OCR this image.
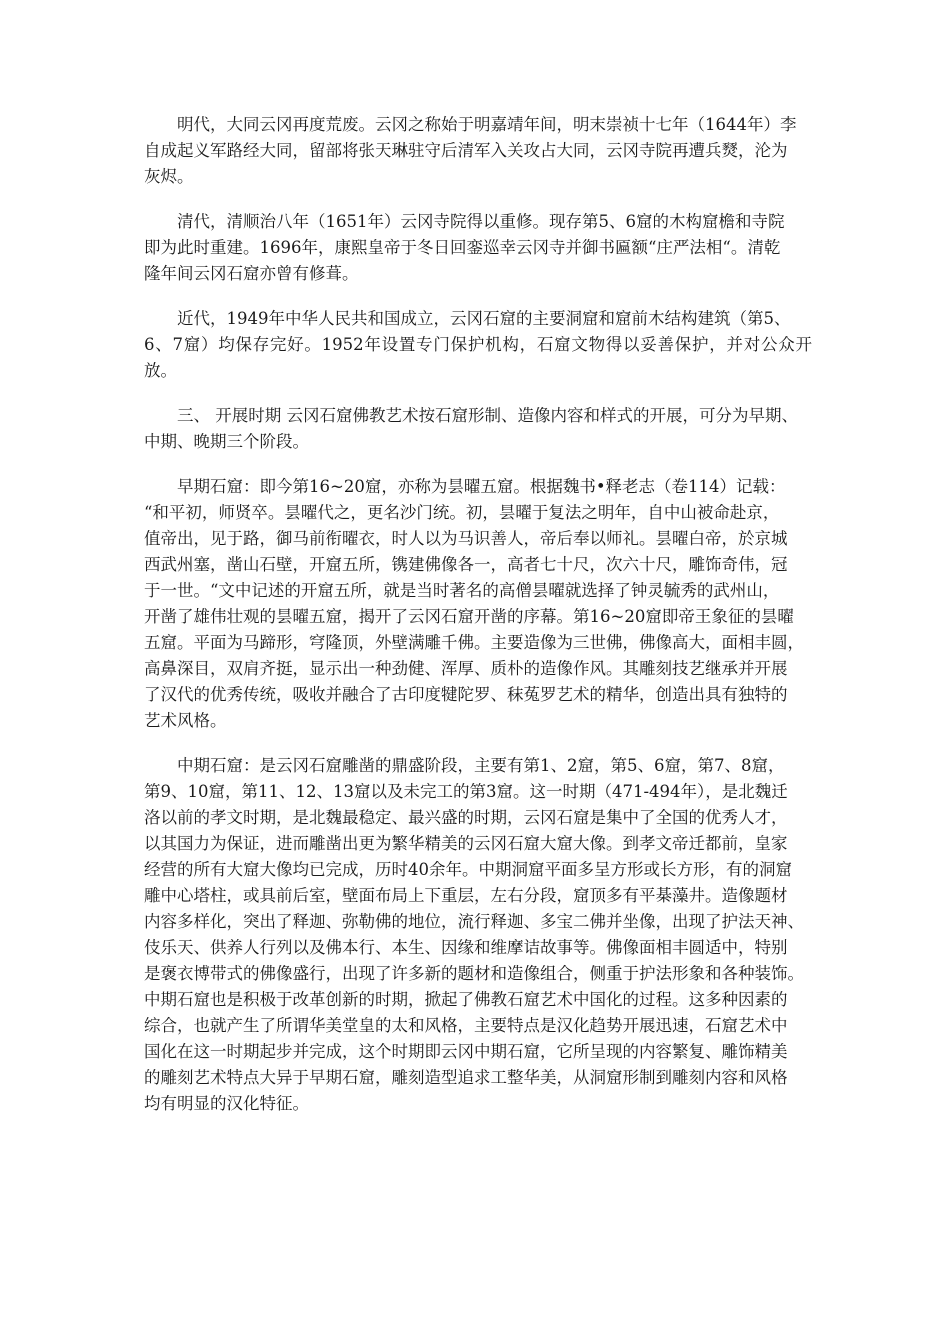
　　明代，大同云冈再度荒废。云冈之称始于明嘉靖年间，明末崇祯十七年（1644年）李
自成起义军路经大同，留部将张天琳驻守后清军入关攻占大同，云冈寺院再遭兵燹，沦为
灰烬。

　　清代，清顺治八年（1651年）云冈寺院得以重修。现存第5、6窟的木构窟檐和寺院
即为此时重建。1696年，康熙皇帝于冬日回銮巡幸云冈寺并御书匾额“庄严法相“。清乾
隆年间云冈石窟亦曾有修葺。

　　近代，1949年中华人民共和国成立，云冈石窟的主要洞窟和窟前木结构建筑（第5、
6、7窟）均保存完好。1952年设置专门保护机构，石窟文物得以妥善保护，并对公众开放。

　　三、 开展时期 云冈石窟佛教艺术按石窟形制、造像内容和样式的开展，可分为早期、
中期、晚期三个阶段。

　　早期石窟：即今第16~20窟，亦称为昙曜五窟。根据魏书•释老志（卷114）记载：
“和平初，师贤卒。昙曜代之，更名沙门统。初，昙曜于复法之明年，自中山被命赴京，
值帝出，见于路，御马前衔曜衣，时人以为马识善人，帝后奉以师礼。昙曜白帝，於京城
西武州塞，凿山石壁，开窟五所，镌建佛像各一，高者七十尺，次六十尺，雕饰奇伟，冠
于一世。“文中记述的开窟五所，就是当时著名的高僧昙曜就选择了钟灵毓秀的武州山，
开凿了雄伟壮观的昙曜五窟，揭开了云冈石窟开凿的序幕。第16~20窟即帝王象征的昙曜
五窟。平面为马蹄形，穹隆顶，外壁满雕千佛。主要造像为三世佛，佛像高大，面相丰圆，
高鼻深目，双肩齐挺，显示出一种劲健、浑厚、质朴的造像作风。其雕刻技艺继承并开展
了汉代的优秀传统，吸收并融合了古印度犍陀罗、秣菟罗艺术的精华，创造出具有独特的
艺术风格。

　　中期石窟：是云冈石窟雕凿的鼎盛阶段，主要有第1、2窟，第5、6窟，第7、8窟，
第9、10窟，第11、12、13窟以及未完工的第3窟。这一时期（471-494年），是北魏迁
洛以前的孝文时期，是北魏最稳定、最兴盛的时期，云冈石窟是集中了全国的优秀人才，
以其国力为保证，进而雕凿出更为繁华精美的云冈石窟大窟大像。到孝文帝迁都前，皇家
经营的所有大窟大像均已完成，历时40余年。中期洞窟平面多呈方形或长方形，有的洞窟
雕中心塔柱，或具前后室，壁面布局上下重层，左右分段，窟顶多有平棊藻井。造像题材
内容多样化，突出了释迦、弥勒佛的地位，流行释迦、多宝二佛并坐像，出现了护法天神、
伎乐天、供养人行列以及佛本行、本生、因缘和维摩诘故事等。佛像面相丰圆适中，特别
是褒衣博带式的佛像盛行，出现了许多新的题材和造像组合，侧重于护法形象和各种装饰。
中期石窟也是积极于改革创新的时期，掀起了佛教石窟艺术中国化的过程。这多种因素的
综合，也就产生了所谓华美堂皇的太和风格，主要特点是汉化趋势开展迅速，石窟艺术中
国化在这一时期起步并完成，这个时期即云冈中期石窟，它所呈现的内容繁复、雕饰精美
的雕刻艺术特点大异于早期石窟，雕刻造型追求工整华美，从洞窟形制到雕刻内容和风格
均有明显的汉化特征。
